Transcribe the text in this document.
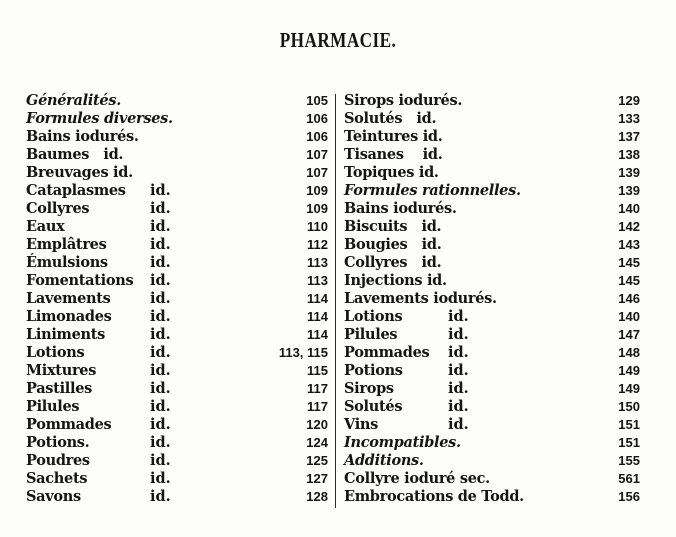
PHARMACIE.
Généralités.	105
Formules diverses.	106
Bains iodurés.	106
Baumes   id.	107
Breuvages id.	107
Cataplasmes id.	109
Collyres	id.	109
Eaux	id.	110
Emplâtres	id.	112
Émulsions	id.	113
Fomentations id.	113
Lavements	id.	114
Limonades	id.	114
Liniments	id.	114
Lotions	id.	113, 115
Mixtures	id.	115
Pastilles	id.	117
Pilules	id.	117
Pommades	id.	120
Potions.	id.	124
Poudres	id.	125
Sachets	id.	127
Savons	id.	128
Sirops iodurés.	129
Solutés   id.	133
Teintures id.	137
Tisanes    id.	138
Topiques id.	139
Formules rationnelles.	139
Bains iodurés.	140
Biscuits   id.	142
Bougies   id.	143
Collyres   id.	145
Injections id.	145
Lavements iodurés.	146
Lotions	id.	140
Pilules	id.	147
Pommades id.	148
Potions	id.	149
Sirops	id.	149
Solutés	id.	150
Vins	id.	151
Incompatibles.	151
Additions.	155
Collyre ioduré sec.	561
Embrocations de Todd.	156
